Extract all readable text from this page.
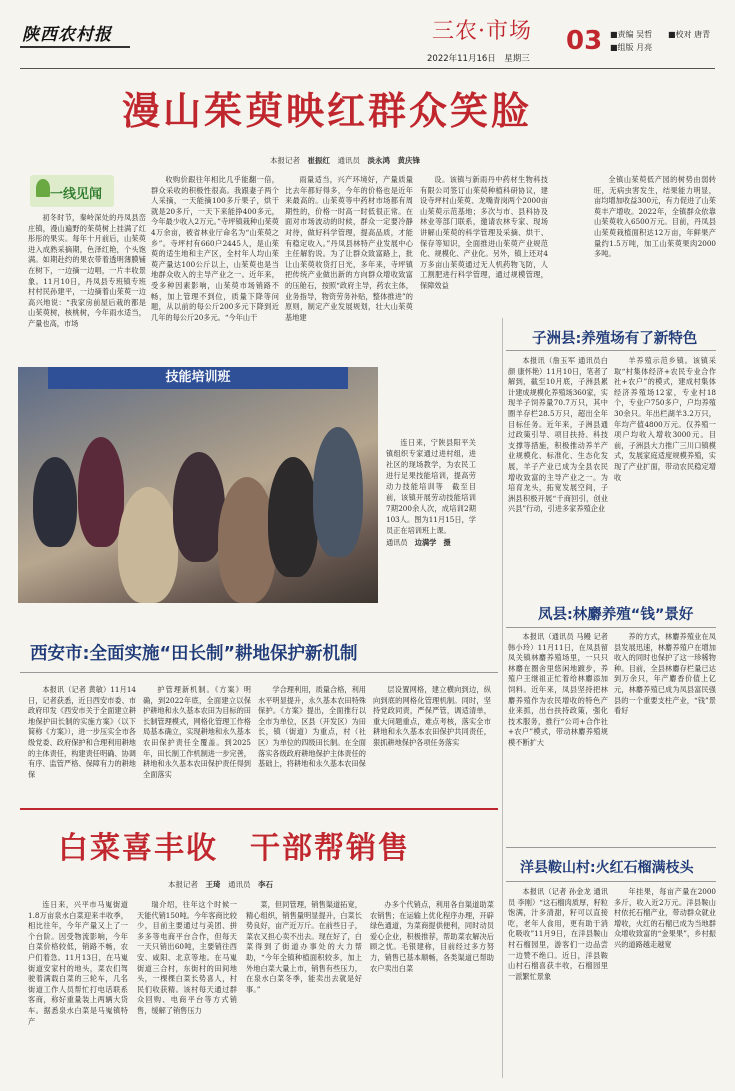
陕西农村报	三农·市场 03
2022年11月16日　星期三
■责编 吴哲 ■校对 唐青
■组版 月亮
漫山茱萸映红群众笑脸
本报记者　 崔振红　 通讯员　 淡永鸿　黄庆锋
一线见闻

初冬时节，秦岭深处的丹凤县峦庄镇，漫山遍野的茱萸树上挂满了红彤彤的果实。每年十月前后，山茱萸进入成熟采摘期，色泽红艳，个头饱满。如期赴约的果农带着透明薄膜铺在树下，一边摘一边唱，一片丰收景象。11月10日，丹凤县专班镇专班村村民孙建平，一边摘着山茱萸一边高兴地说：“我家房前屋后栽的都是山茱萸树，核桃树，今年雨水适当，产量也高，市场

收购价跟往年相比几乎能翻一倍，群众采收的积极性很高。我跟妻子两个人采摘，一天能摘100多斤果子，烘干就是20多斤，一天下来能挣400多元，今年最少收入2万元。”寺坪镇栽种山茱萸4万余亩，被省林业厅命名为“山茱萸之乡”。寺坪村有660户2445人，是山茱萸的适生地和主产区，全村年人均山茱萸产量达100公斤以上，山茱萸也是当地群众收入的主导产业之一。近年来，受多种因素影响，山茱萸市场销路不畅，加上管理不到位，质量下降等问题，从以前的每公斤200多元下降到近几年的每公斤20多元。“今年山干

雨量适当，兴产环境好，产量质量比去年都好得多，今年的价格也是近年来最高的。山茱萸等中药材市场都有周期性的，价格一时高一时低很正常。在面对市场波动的时候，群众一定要冷静对待，做好科学管理，提高品质，才能有稳定收入。”丹凤县林特产业发展中心主任解豹说。为了让群众致富路上，批让山茱萸收货打日光，多年来，寺坪镇把传统产业做出新的方向群众增收致富的压舱石，按照“政府主导，药农主体，业务指导，物资劳务补贴，整体推进”的原则，制定产业发展规划，壮大山茱萸基地建

设。该镇与新雨丹中药材生物科技有限公司签订山茱萸种植科研协议，建设寺坪村山茱萸、龙嘴青岗两个2000亩山茱萸示范基地；多次与市、县科协及林业等部门联系，邀请农林专家、现场讲解山茱萸的科学管理及采摘、烘干、保存等知识，全面推进山茱萸产业规范化、规模化、产业化。另外，镇上还对4万多亩山茱萸通过无人机药物飞防，人工割肥进行科学管理，通过规模管理，保障效益

全镇山茱萸低产园的树势由弱转旺，无病虫害发生，结果能力明显，亩均增加收益300元，有力促进了山茱萸丰产增收。2022年，全镇群众依靠山茱萸收入6500万元。目前，丹凤县山茱萸栽植面积达12万亩，年鲜果产量约1.5万吨，加工山茱萸果肉2000多吨。

技能培训班

连日来，宁陕县阳平关镇组织专家通过进村组，进社区的现场教学，为农民工进行足果技能培训，提高劳动力技能培训等　截至目前，该镇开展劳动技能培训7期200余人次，成培训2期103人。图为11月15日，学员正在培训班上课。

通讯员　 边满学　摄

子洲县:养殖场有了新特色

本报讯（詹玉军 通讯员白颜 康怀艳）11月10日，笔者了解到，截至10月底，子洲县累计建成规模化养殖场360家，实现羊子饲养量70.7万只，其中圈羊存栏28.5万只，超出全年目标任务。近年来，子洲县通过政策引导、项目扶持、科技支撑等措施，积极推动养羊产业规模化、标准化、生态化发展，羊子产业已成为全县农民增收致富的主导产业之一。为培育龙头，拓宽发展空间，子洲县积极开展“千商回引，创业兴县”行动，引进多家养殖企业

羊养殖示范乡镇。该镇采取“村集体经济+农民专业合作社+农户”的模式，建成村集体经济养殖场12家，专业村18个，专业户750多户，户均养殖30余只。年出栏湖羊3.2万只，年均产值4800万元。仅养殖一项户均收入增收3000元。目前，子洲县大力推广三川口镇模式，发展家庭适度规模养殖，实现了产业扩面，带动农民稳定增收

凤县:林麝养殖“钱”景好

本报讯（通讯员 马鳗 记者 韩小玲）11月11日，在凤县留凤关镇林麝养殖场里，一只只林麝在圈舍里悠闲地踱步，养殖户王继祖正忙着给林麝添加饲料。近年来，凤县坚持把林麝养殖作为农民增收的特色产业来抓，出台扶持政策，强化技术服务，推行“公司+合作社+农户”模式，带动林麝养殖规模不断扩大

养的方式，林麝养殖业在凤县发展迅速，林麝养殖户在增加收入的同时也保护了这一珍稀物种。目前，全县林麝存栏量已达到万余只，年产麝香价值上亿元，林麝养殖已成为凤县富民强县的一个重要支柱产业，“钱”景看好

西安市:全面实施“田长制”耕地保护新机制

本报讯（记者 黄敏）11月14日，记者获悉，近日西安市委、市政府印发《西安市关于全面建立耕地保护田长制的实施方案》（以下简称《方案》），进一步压实全市各级党委、政府保护和合理利用耕地的主体责任，构建责任明确、协调有序、监管严格、保障有力的耕地保

护管理新机制。《方案》明确，到2022年底，全面建立以保护耕地和永久基本农田为目标的田长制管理模式，网格化管理工作格局基本确立，实现耕地和永久基本农田保护责任全覆盖。到2025年，田长制工作机制进一步完善，耕地和永久基本农田保护责任得到全面落实

学合理利用，质量合格，利用水平明显提升，永久基本农田特殊保护。《方案》提出，全面推行以全市为单位，区县（开发区）为田长，镇（街道）为重点，村（社区）为单位的四级田长制。在全面落实各级政府耕地保护主体责任的基础上，将耕地和永久基本农田保

层设置网格，建立横向到边，纵向到底的网格化管理机制。同时，坚持党政同责，严保严管，调适清单，重大问题重点，难点考核，落实全市耕地和永久基本农田保护共同责任，狠抓耕地保护各项任务落实

白菜喜丰收　干部帮销售
本报记者　 王琦　 通讯员　 李石

连日来，兴平市马嵬街道1.8万亩泉水白菜迎来丰收季，相比往年，今年产量又上了一个台阶。因受物流影响，今年白菜价格较低，销路不畅，农户们着急。11月13日，在马嵬街道安家村的地头，菜农们驾驶着满载白菜的三轮车，几名街道工作人员帮忙打电话联系客商，称好重量装上两辆大货车。据悉泉水白菜是马嵬镇特产

瑞介绍，往年这个时候一天能代销150吨。今年客商比较少，目前主要通过与美团、拼多多等电商平台合作，但每天一天只销出60吨，主要销往西安、咸阳、北京等地。在马嵬街道三合村，东街村的田间地头，一棵棵白菜长势喜人，村民们收获精。该村每天通过群众回购、电商平台等方式销售，缓解了销售压力

菜，但同管理，销售渠道拓宽，精心组织，销售量明显提升，白菜长势良好，亩产近万斤。在前些日子，菜农又担心卖不出去。现在好了，白菜得到了街道办事处的大力帮助，“今年全镇种植面积较多，加上外地白菜大量上市，销售有些压力，在泉水白菜冬季，能卖出去就是好事。”

办多个代销点，利用各自渠道助菜农销售；在运输上优化程序办理，开辟绿色通道，为菜商提供便利，同时动员爱心企业，积极推荐，帮助菜农解决后顾之忧。毛银建称，目前经过多方努力，销售已基本顺畅，各类渠道已帮助农户卖出白菜

洋县鞍山村:火红石榴满枝头

本报讯（记者 孙金龙 通讯员 李刚）“这石榴肉质厚，籽粒饱满，汁多清甜，籽可以直接吃，老年人食用，更有助于消化吸收”11月9日，在洋县鞍山村石榴园里，游客们一边品尝一边赞不绝口。近日，洋县鞍山村石榴喜获丰收，石榴园里一派繁忙景象

年挂果，每亩产量在2000多斤，收入近2万元。洋县鞍山村依托石榴产业，带动群众就业增收，火红的石榴已成为当地群众增收致富的“金果果”，乡村振兴的道路越走越宽
